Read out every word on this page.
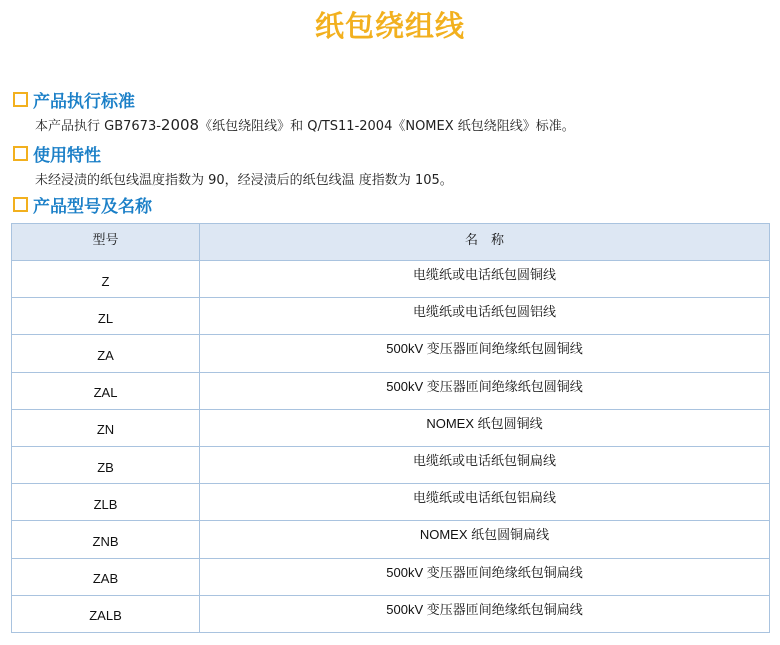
纸包绕组线
产品执行标准
本产品执行 GB7673-2008《纸包绕阻线》和 Q/TS11-2004《NOMEX 纸包绕阻线》标准。
使用特性
未经浸渍的纸包线温度指数为 90，经浸渍后的纸包线温 度指数为 105。
产品型号及名称
型号	名　称
Z	电缆纸或电话纸包圆铜线
ZL	电缆纸或电话纸包圆铝线
ZA	500kV 变压器匝间绝缘纸包圆铜线
ZAL	500kV 变压器匝间绝缘纸包圆铜线
ZN	NOMEX 纸包圆铜线
ZB	电缆纸或电话纸包铜扁线
ZLB	电缆纸或电话纸包铝扁线
ZNB	NOMEX 纸包圆铜扁线
ZAB	500kV 变压器匝间绝缘纸包铜扁线
ZALB	500kV 变压器匝间绝缘纸包铜扁线
